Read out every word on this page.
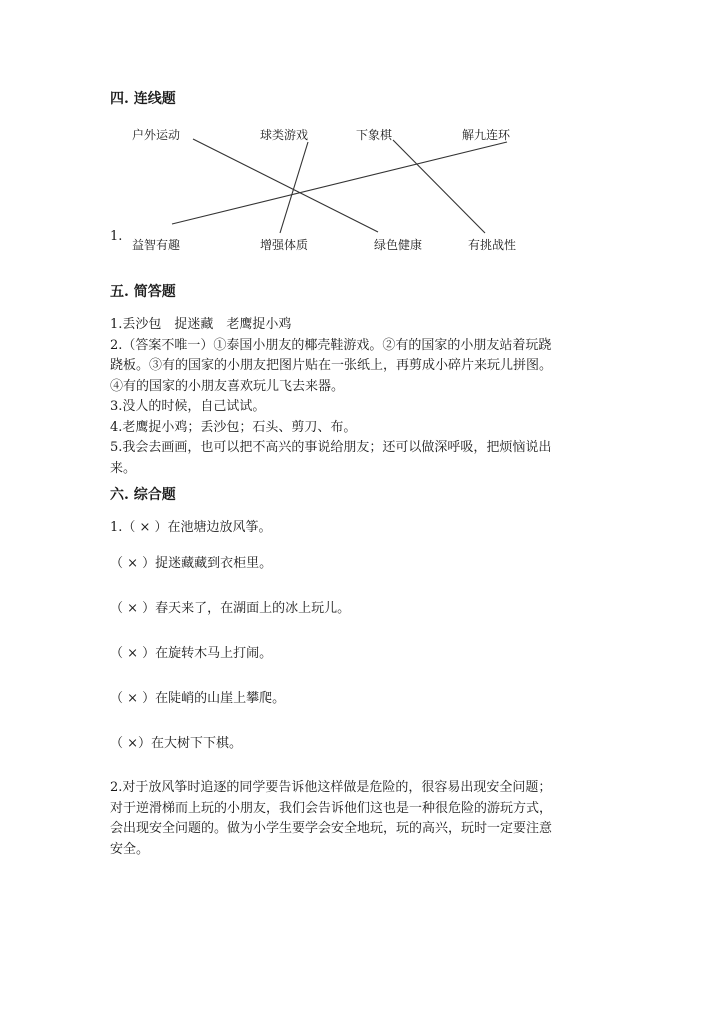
四. 连线题
户外运动	球类游戏	下象棋	解九连环
1.
益智有趣	增强体质	绿色健康	有挑战性
五. 简答题
1.丢沙包　捉迷藏　老鹰捉小鸡
2.（答案不唯一）①泰国小朋友的椰壳鞋游戏。②有的国家的小朋友站着玩跷
跷板。③有的国家的小朋友把图片贴在一张纸上，再剪成小碎片来玩儿拼图。
④有的国家的小朋友喜欢玩儿飞去来器。
3.没人的时候，自己试试。
4.老鹰捉小鸡；丢沙包；石头、剪刀、布。
5.我会去画画，也可以把不高兴的事说给朋友；还可以做深呼吸，把烦恼说出
来。
六. 综合题
1.（ × ）在池塘边放风筝。
（ × ）捉迷藏藏到衣柜里。
（ × ）春天来了，在湖面上的冰上玩儿。
（ × ）在旋转木马上打闹。
（ × ）在陡峭的山崖上攀爬。
（ ×）在大树下下棋。
2.对于放风筝时追逐的同学要告诉他这样做是危险的，很容易出现安全问题；
对于逆滑梯而上玩的小朋友，我们会告诉他们这也是一种很危险的游玩方式，
会出现安全问题的。做为小学生要学会安全地玩，玩的高兴，玩时一定要注意
安全。
